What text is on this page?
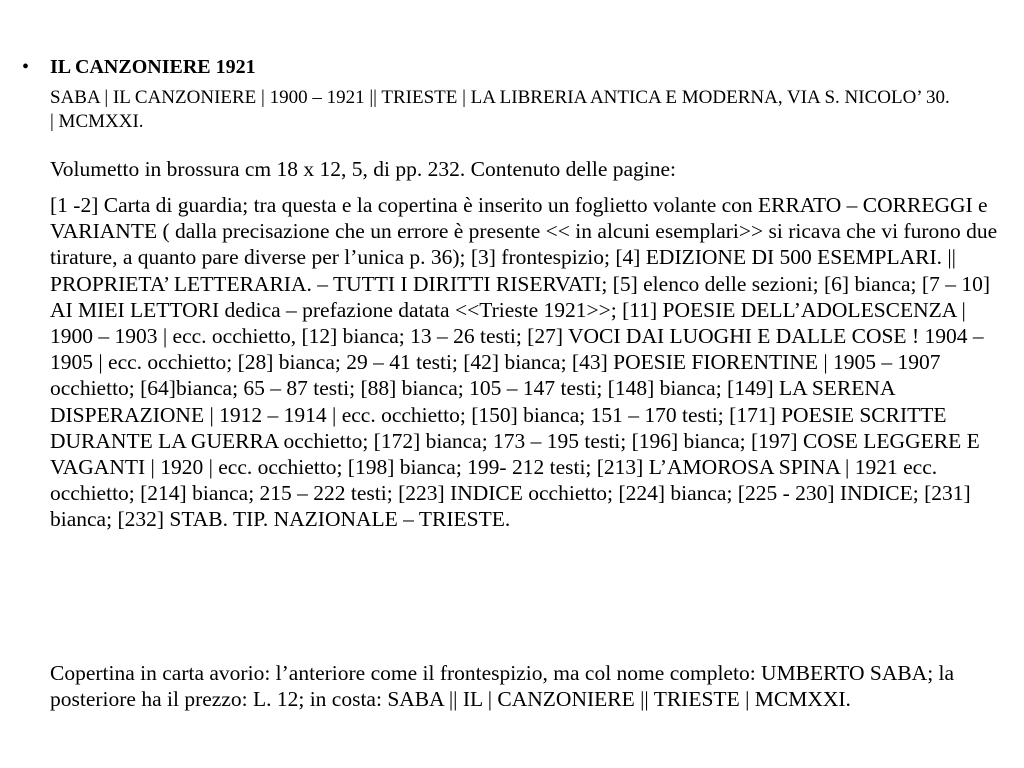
• IL CANZONIERE 1921
SABA | IL CANZONIERE | 1900 – 1921 || TRIESTE | LA LIBRERIA ANTICA E MODERNA, VIA S. NICOLO’ 30. | MCMXXI.

Volumetto in brossura cm 18 x 12, 5, di pp. 232. Contenuto delle pagine:

[1 -2] Carta di guardia; tra questa e la copertina è inserito un foglietto volante con ERRATO – CORREGGI e VARIANTE ( dalla precisazione che un errore è presente << in alcuni esemplari>> si ricava che vi furono due tirature, a quanto pare diverse per l’unica p. 36); [3] frontespizio; [4] EDIZIONE DI 500 ESEMPLARI. || PROPRIETA’ LETTERARIA. – TUTTI I DIRITTI RISERVATI; [5] elenco delle sezioni; [6] bianca; [7 – 10] AI MIEI LETTORI dedica – prefazione datata <<Trieste 1921>>; [11] POESIE DELL’ADOLESCENZA | 1900 – 1903 | ecc. occhietto, [12] bianca; 13 – 26 testi; [27] VOCI DAI LUOGHI E DALLE COSE ! 1904 – 1905 | ecc. occhietto; [28] bianca; 29 – 41 testi; [42] bianca; [43] POESIE FIORENTINE | 1905 – 1907 occhietto; [64]bianca; 65 – 87 testi; [88] bianca; 105 – 147 testi; [148] bianca; [149] LA SERENA DISPERAZIONE | 1912 – 1914 | ecc. occhietto; [150] bianca; 151 – 170 testi; [171] POESIE SCRITTE DURANTE LA GUERRA occhietto; [172] bianca; 173 – 195 testi; [196] bianca; [197] COSE LEGGERE E VAGANTI | 1920 | ecc. occhietto; [198] bianca; 199- 212 testi; [213] L’AMOROSA SPINA | 1921 ecc. occhietto; [214] bianca; 215 – 222 testi; [223] INDICE occhietto; [224] bianca; [225 - 230] INDICE; [231] bianca; [232] STAB. TIP. NAZIONALE – TRIESTE.

Copertina in carta avorio: l’anteriore come il frontespizio, ma col nome completo: UMBERTO SABA; la posteriore ha il prezzo: L. 12; in costa: SABA || IL | CANZONIERE || TRIESTE | MCMXXI.
